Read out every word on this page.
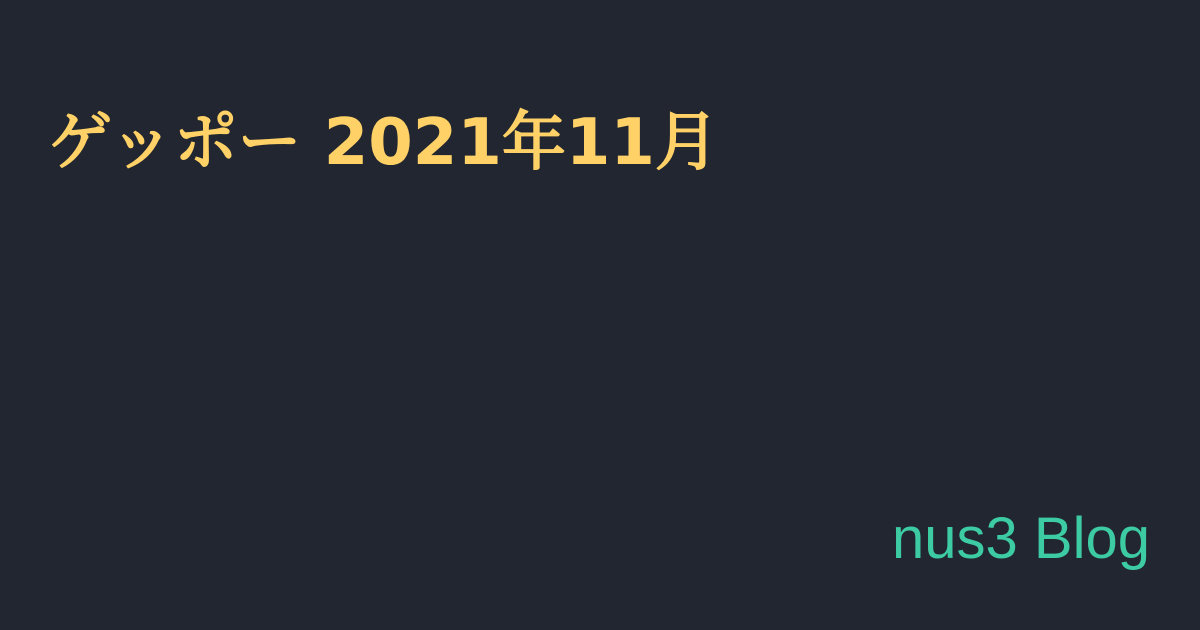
ゲッポー 2021年11月
nus3 Blog
